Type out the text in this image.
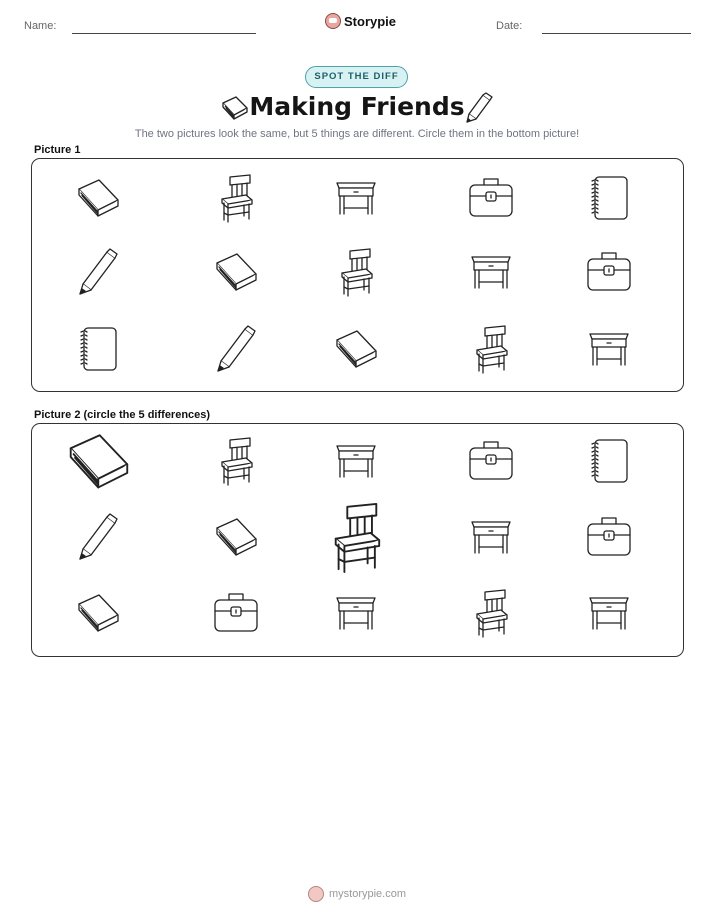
Name:	Storypie	Date:
SPOT THE DIFF
Making Friends
The two pictures look the same, but 5 things are different. Circle them in the bottom picture!
Picture 1
Picture 2 (circle the 5 differences)
mystorypie.com
